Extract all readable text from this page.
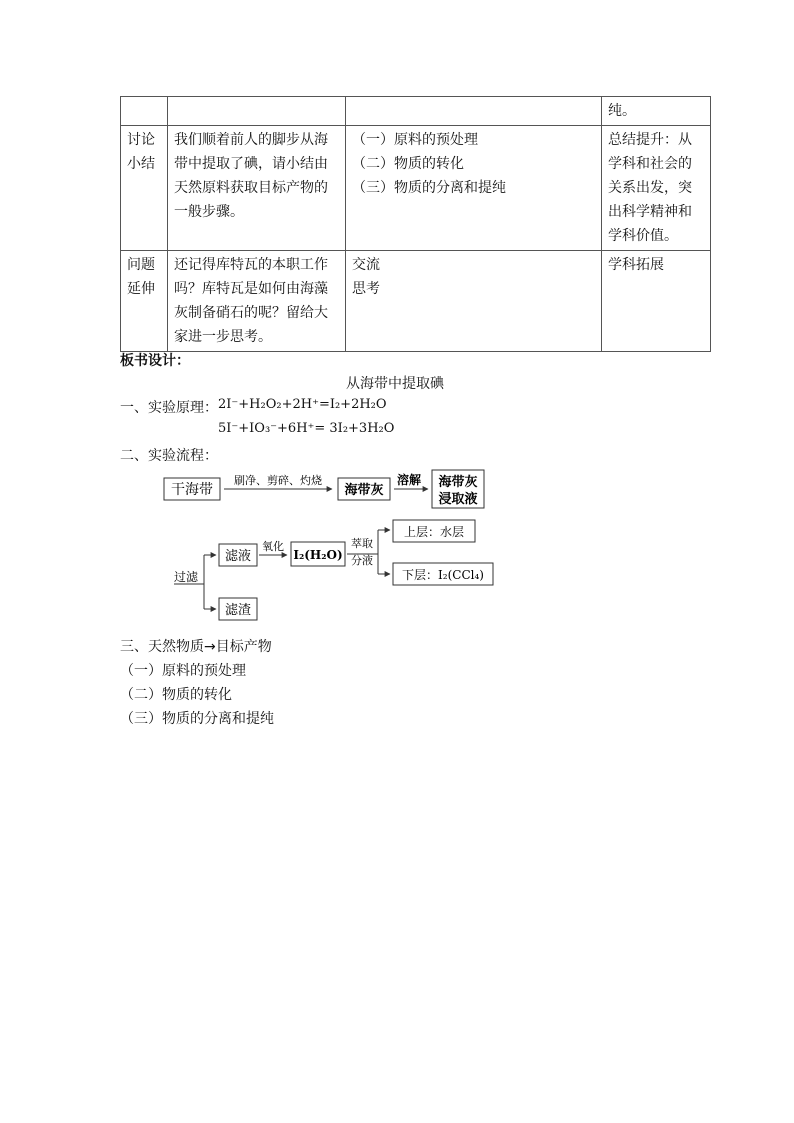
			纯。
讨论小结	我们顺着前人的脚步从海带中提取了碘，请小结由天然原料获取目标产物的一般步骤。	（一）原料的预处理
（二）物质的转化
（三）物质的分离和提纯	总结提升：从学科和社会的关系出发，突出科学精神和学科价值。
问题延伸	还记得库特瓦的本职工作吗？库特瓦是如何由海藻灰制备硝石的呢？留给大家进一步思考。	交流
思考	学科拓展
板书设计：
从海带中提取碘
一、实验原理： 2I⁻+H₂O₂+2H⁺=I₂+2H₂O
5I⁻+IO₃⁻+6H⁺= 3I₂+3H₂O
二、实验流程：
干海带
刷净、剪碎、灼烧
海带灰
溶解 海带灰
浸取液
过滤
滤液
滤渣
氧化
I₂(H₂O)
萃取
分液
上层：水层
下层：I₂(CCl₄)
三、天然物质→目标产物
（一）原料的预处理
（二）物质的转化
（三）物质的分离和提纯
